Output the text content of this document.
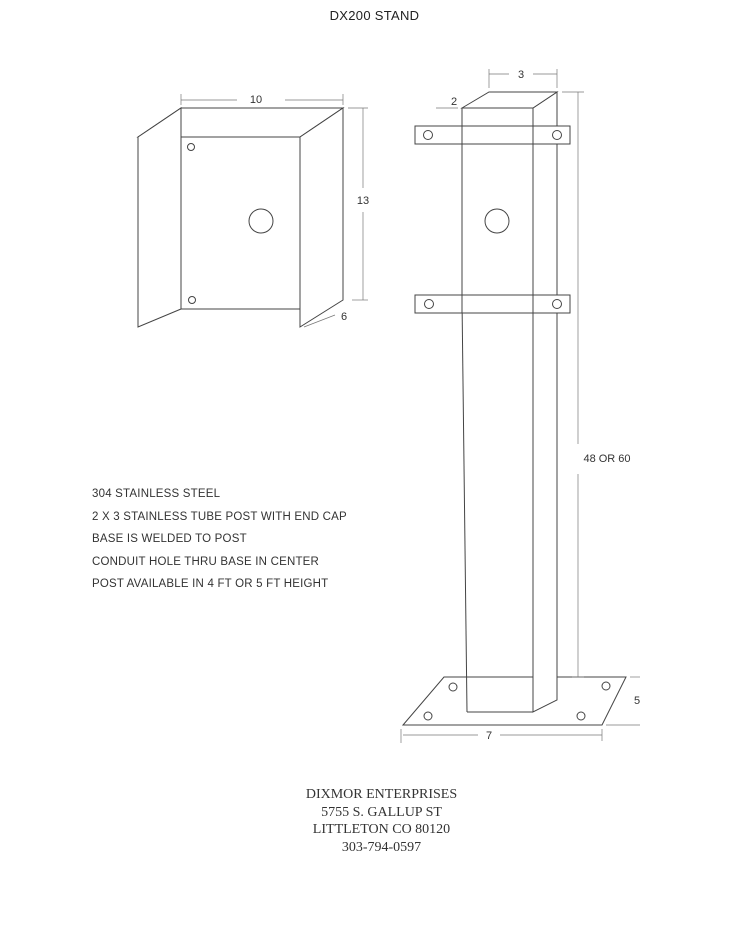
DX200 STAND
10
13
6
3
2
48 OR 60
5
7
304 STAINLESS STEEL
2 X 3 STAINLESS TUBE POST WITH END CAP
BASE IS WELDED TO POST
CONDUIT HOLE THRU BASE IN CENTER
POST AVAILABLE IN 4 FT OR 5 FT HEIGHT
DIXMOR ENTERPRISES
5755 S. GALLUP ST
LITTLETON CO 80120
303-794-0597
